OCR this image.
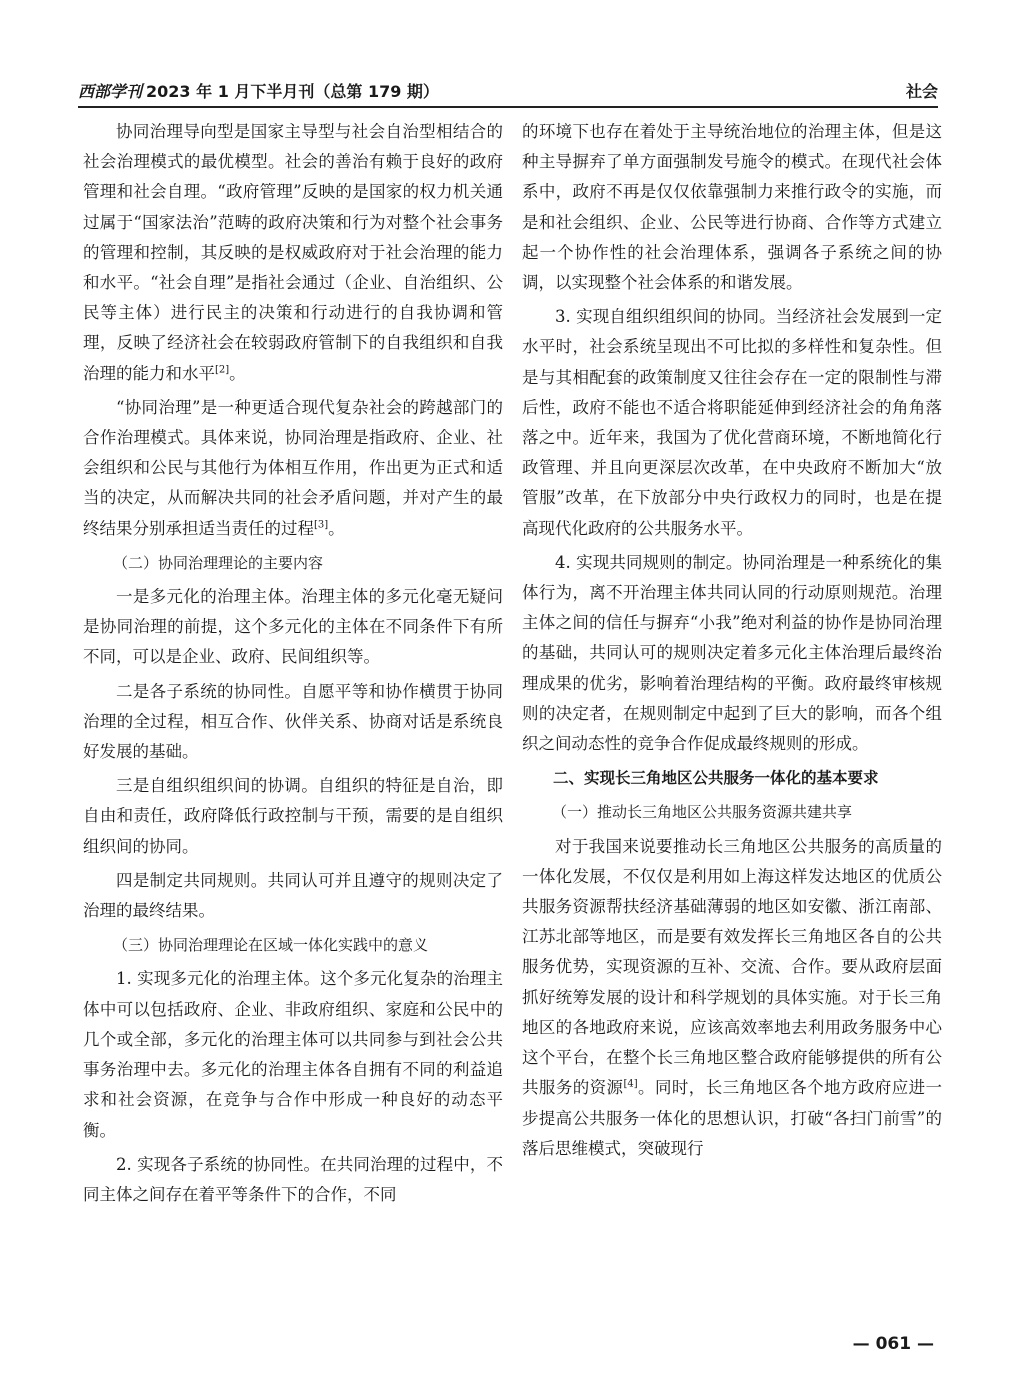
西部学刊 2023 年 1 月下半月刊（总第 179 期）	社会

协同治理导向型是国家主导型与社会自治型相结合的社会治理模式的最优模型。社会的善治有赖于良好的政府管理和社会自理。“政府管理”反映的是国家的权力机关通过属于“国家法治”范畴的政府决策和行为对整个社会事务的管理和控制，其反映的是权威政府对于社会治理的能力和水平。“社会自理”是指社会通过（企业、自治组织、公民等主体）进行民主的决策和行动进行的自我协调和管理，反映了经济社会在较弱政府管制下的自我组织和自我治理的能力和水平[2]。

“协同治理”是一种更适合现代复杂社会的跨越部门的合作治理模式。具体来说，协同治理是指政府、企业、社会组织和公民与其他行为体相互作用，作出更为正式和适当的决定，从而解决共同的社会矛盾问题，并对产生的最终结果分别承担适当责任的过程[3]。

（二）协同治理理论的主要内容

一是多元化的治理主体。治理主体的多元化毫无疑问是协同治理的前提，这个多元化的主体在不同条件下有所不同，可以是企业、政府、民间组织等。

二是各子系统的协同性。自愿平等和协作横贯于协同治理的全过程，相互合作、伙伴关系、协商对话是系统良好发展的基础。

三是自组织组织间的协调。自组织的特征是自治，即自由和责任，政府降低行政控制与干预，需要的是自组织组织间的协同。

四是制定共同规则。共同认可并且遵守的规则决定了治理的最终结果。

（三）协同治理理论在区域一体化实践中的意义

1. 实现多元化的治理主体。这个多元化复杂的治理主体中可以包括政府、企业、非政府组织、家庭和公民中的几个或全部，多元化的治理主体可以共同参与到社会公共事务治理中去。多元化的治理主体各自拥有不同的利益追求和社会资源，在竞争与合作中形成一种良好的动态平衡。

2. 实现各子系统的协同性。在共同治理的过程中，不同主体之间存在着平等条件下的合作，不同

的环境下也存在着处于主导统治地位的治理主体，但是这种主导摒弃了单方面强制发号施令的模式。在现代社会体系中，政府不再是仅仅依靠强制力来推行政令的实施，而是和社会组织、企业、公民等进行协商、合作等方式建立起一个协作性的社会治理体系，强调各子系统之间的协调，以实现整个社会体系的和谐发展。

3. 实现自组织组织间的协同。当经济社会发展到一定水平时，社会系统呈现出不可比拟的多样性和复杂性。但是与其相配套的政策制度又往往会存在一定的限制性与滞后性，政府不能也不适合将职能延伸到经济社会的角角落落之中。近年来，我国为了优化营商环境，不断地简化行政管理、并且向更深层次改革，在中央政府不断加大“放管服”改革，在下放部分中央行政权力的同时，也是在提高现代化政府的公共服务水平。

4. 实现共同规则的制定。协同治理是一种系统化的集体行为，离不开治理主体共同认同的行动原则规范。治理主体之间的信任与摒弃“小我”绝对利益的协作是协同治理的基础，共同认可的规则决定着多元化主体治理后最终治理成果的优劣，影响着治理结构的平衡。政府最终审核规则的决定者，在规则制定中起到了巨大的影响，而各个组织之间动态性的竞争合作促成最终规则的形成。

二、实现长三角地区公共服务一体化的基本要求

（一）推动长三角地区公共服务资源共建共享

对于我国来说要推动长三角地区公共服务的高质量的一体化发展，不仅仅是利用如上海这样发达地区的优质公共服务资源帮扶经济基础薄弱的地区如安徽、浙江南部、江苏北部等地区，而是要有效发挥长三角地区各自的公共服务优势，实现资源的互补、交流、合作。要从政府层面抓好统筹发展的设计和科学规划的具体实施。对于长三角地区的各地政府来说，应该高效率地去利用政务服务中心这个平台，在整个长三角地区整合政府能够提供的所有公共服务的资源[4]。同时，长三角地区各个地方政府应进一步提高公共服务一体化的思想认识，打破“各扫门前雪”的落后思维模式，突破现行

— 061 —
